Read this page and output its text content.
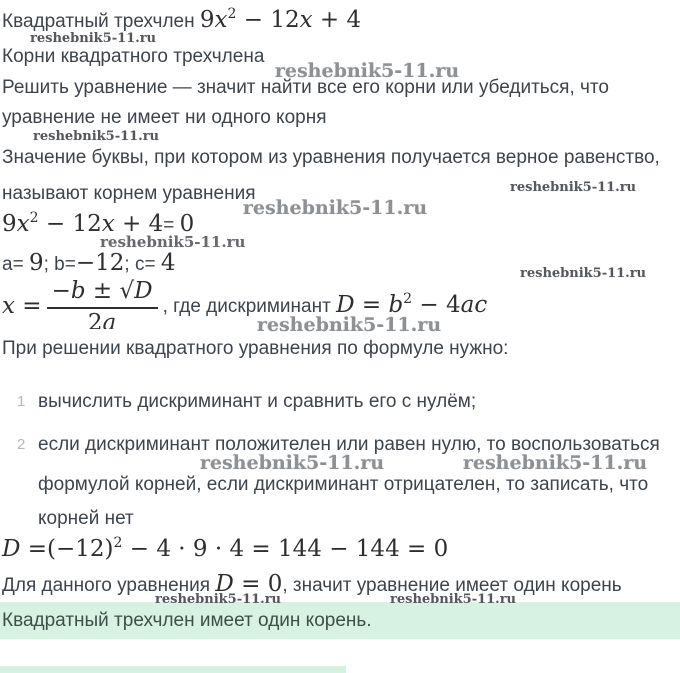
Квадратный трехчлен $9x^2 - 12x + 4$
Корни квадратного трехчлена
Решить уравнение — значит найти все его корни или убедиться, что
уравнение не имеет ни одного корня
Значение буквы, при котором из уравнения получается верное равенство,
называют корнем уравнения
$9x^2 - 12x + 4= 0$
a= 9; b=−12; c= 4
$x = \frac{-b \pm √D}{2a}$ , где дискриминант $D = b^2 - 4ac$
При решении квадратного уравнения по формуле нужно:
1 вычислить дискриминант и сравнить его с нулём;
2 если дискриминант положителен или равен нулю, то воспользоваться
формулой корней, если дискриминант отрицателен, то записать, что
корней нет
$D =(-12)^2 - 4 \cdot 9 \cdot 4 = 144 - 144 = 0$
Для данного уравнения D = 0, значит уравнение имеет один корень
Квадратный трехчлен имеет один корень.
reshebnik5-11.ru
reshebnik5-11.ru
reshebnik5-11.ru
reshebnik5-11.ru
reshebnik5-11.ru
reshebnik5-11.ru
reshebnik5-11.ru
reshebnik5-11.ru
reshebnik5-11.ru	reshebnik5-11.ru
reshebnik5-11.ru	reshebnik5-11.ru
